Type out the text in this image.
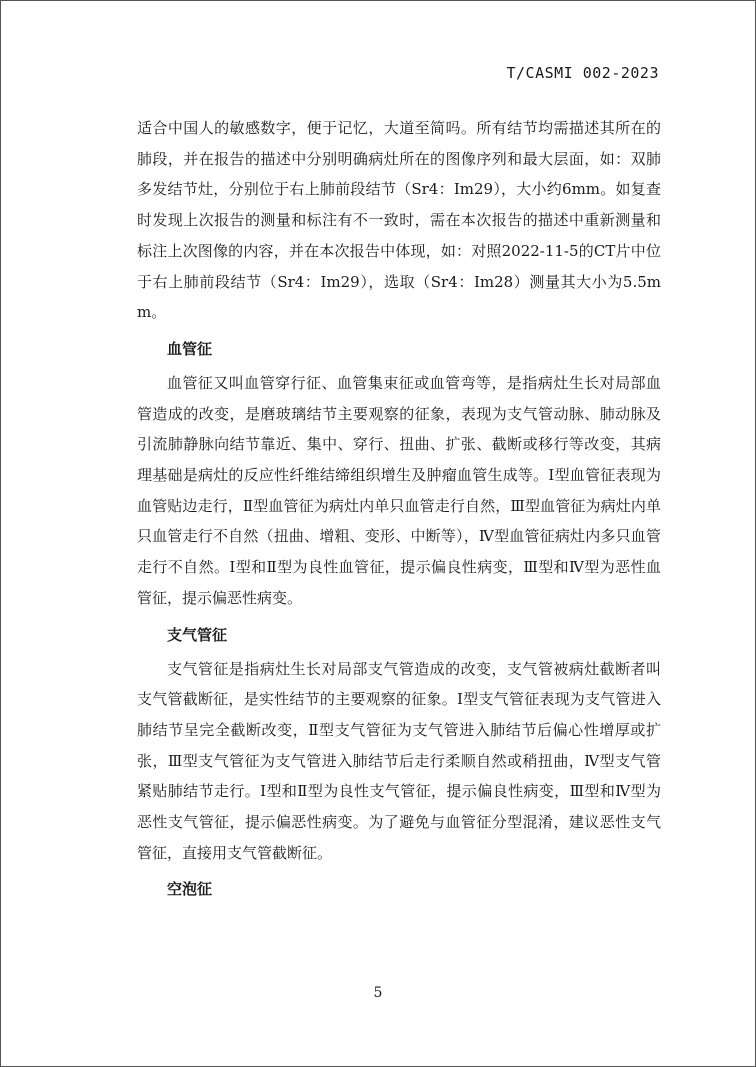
T/CASMI 002-2023

适合中国人的敏感数字，便于记忆，大道至简吗。所有结节均需描述其所在的肺段，并在报告的描述中分别明确病灶所在的图像序列和最大层面，如：双肺多发结节灶，分别位于右上肺前段结节（Sr4：Im29），大小约6mm。如复查时发现上次报告的测量和标注有不一致时，需在本次报告的描述中重新测量和标注上次图像的内容，并在本次报告中体现，如：对照2022-11-5的CT片中位于右上肺前段结节（Sr4：Im29），选取（Sr4：Im28）测量其大小为5.5mm。

血管征

血管征又叫血管穿行征、血管集束征或血管弯等，是指病灶生长对局部血管造成的改变，是磨玻璃结节主要观察的征象，表现为支气管动脉、肺动脉及引流肺静脉向结节靠近、集中、穿行、扭曲、扩张、截断或移行等改变，其病理基础是病灶的反应性纤维结缔组织增生及肿瘤血管生成等。Ⅰ型血管征表现为血管贴边走行，Ⅱ型血管征为病灶内单只血管走行自然，Ⅲ型血管征为病灶内单只血管走行不自然（扭曲、增粗、变形、中断等），Ⅳ型血管征病灶内多只血管走行不自然。Ⅰ型和Ⅱ型为良性血管征，提示偏良性病变，Ⅲ型和Ⅳ型为恶性血管征，提示偏恶性病变。

支气管征

支气管征是指病灶生长对局部支气管造成的改变，支气管被病灶截断者叫支气管截断征，是实性结节的主要观察的征象。Ⅰ型支气管征表现为支气管进入肺结节呈完全截断改变，Ⅱ型支气管征为支气管进入肺结节后偏心性增厚或扩张，Ⅲ型支气管征为支气管进入肺结节后走行柔顺自然或稍扭曲，Ⅳ型支气管紧贴肺结节走行。Ⅰ型和Ⅱ型为良性支气管征，提示偏良性病变，Ⅲ型和Ⅳ型为恶性支气管征，提示偏恶性病变。为了避免与血管征分型混淆，建议恶性支气管征，直接用支气管截断征。

空泡征
5
